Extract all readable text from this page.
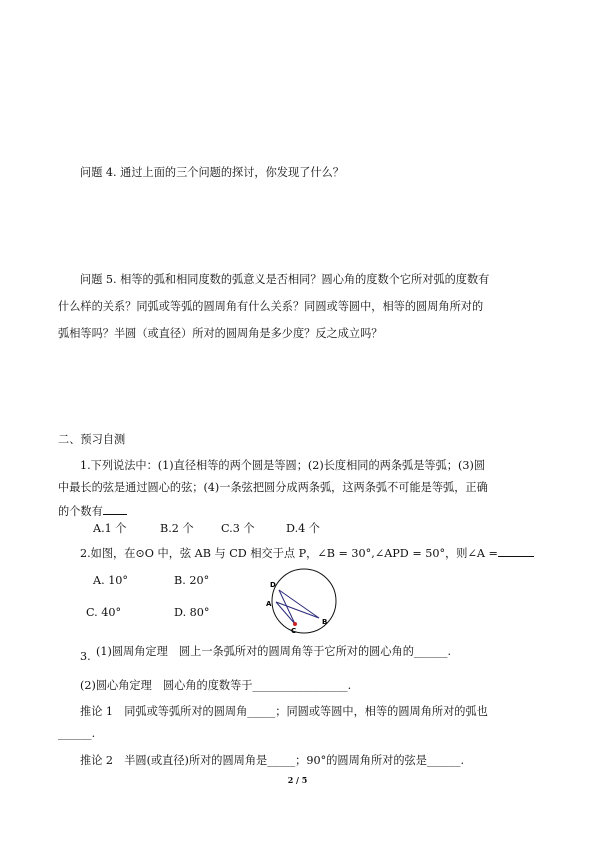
问题 4. 通过上面的三个问题的探讨，你发现了什么？
问题 5. 相等的弧和相同度数的弧意义是否相同？圆心角的度数个它所对弧的度数有
什么样的关系？同弧或等弧的圆周角有什么关系？同圆或等圆中，相等的圆周角所对的
弧相等吗？半圆（或直径）所对的圆周角是多少度？反之成立吗？
二、预习自测
1.下列说法中：(1)直径相等的两个圆是等圆；(2)长度相同的两条弧是等弧；(3)圆
中最长的弦是通过圆心的弦；(4)一条弦把圆分成两条弧，这两条弧不可能是等弧，正确
的个数有
A.1 个	B.2 个 C.3 个	D.4 个
2.如图，在⊙O 中，弦 AB 与 CD 相交于点 P，∠B = 30°,∠APD = 50°，则∠A =
A. 10°	B. 20°
C. 40°	D. 80°
D
A
C
B
3. (1)圆周角定理　圆上一条弧所对的圆周角等于它所对的圆心角的______.
(2)圆心角定理　圆心角的度数等于_________________.
推论 1　同弧或等弧所对的圆周角_____；同圆或等圆中，相等的圆周角所对的弧也
______.
推论 2　半圆(或直径)所对的圆周角是_____；90°的圆周角所对的弦是______.
2 / 5
